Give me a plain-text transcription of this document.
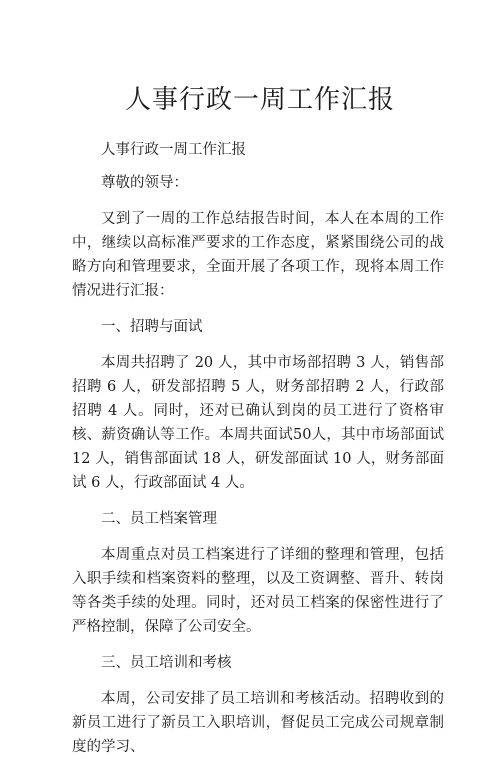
人事行政一周工作汇报

人事行政一周工作汇报

尊敬的领导：

又到了一周的工作总结报告时间，本人在本周的工作中，继续以高标准严要求的工作态度，紧紧围绕公司的战略方向和管理要求，全面开展了各项工作，现将本周工作情况进行汇报：

一、招聘与面试

本周共招聘了 20 人，其中市场部招聘 3 人，销售部招聘 6 人，研发部招聘 5 人，财务部招聘 2 人，行政部招聘 4 人。同时，还对已确认到岗的员工进行了资格审核、薪资确认等工作。本周共面试50人，其中市场部面试 12 人，销售部面试 18 人，研发部面试 10 人，财务部面试 6 人，行政部面试 4 人。

二、员工档案管理

本周重点对员工档案进行了详细的整理和管理，包括入职手续和档案资料的整理，以及工资调整、晋升、转岗等各类手续的处理。同时，还对员工档案的保密性进行了严格控制，保障了公司安全。

三、员工培训和考核

本周，公司安排了员工培训和考核活动。招聘收到的新员工进行了新员工入职培训，督促员工完成公司规章制度的学习、
